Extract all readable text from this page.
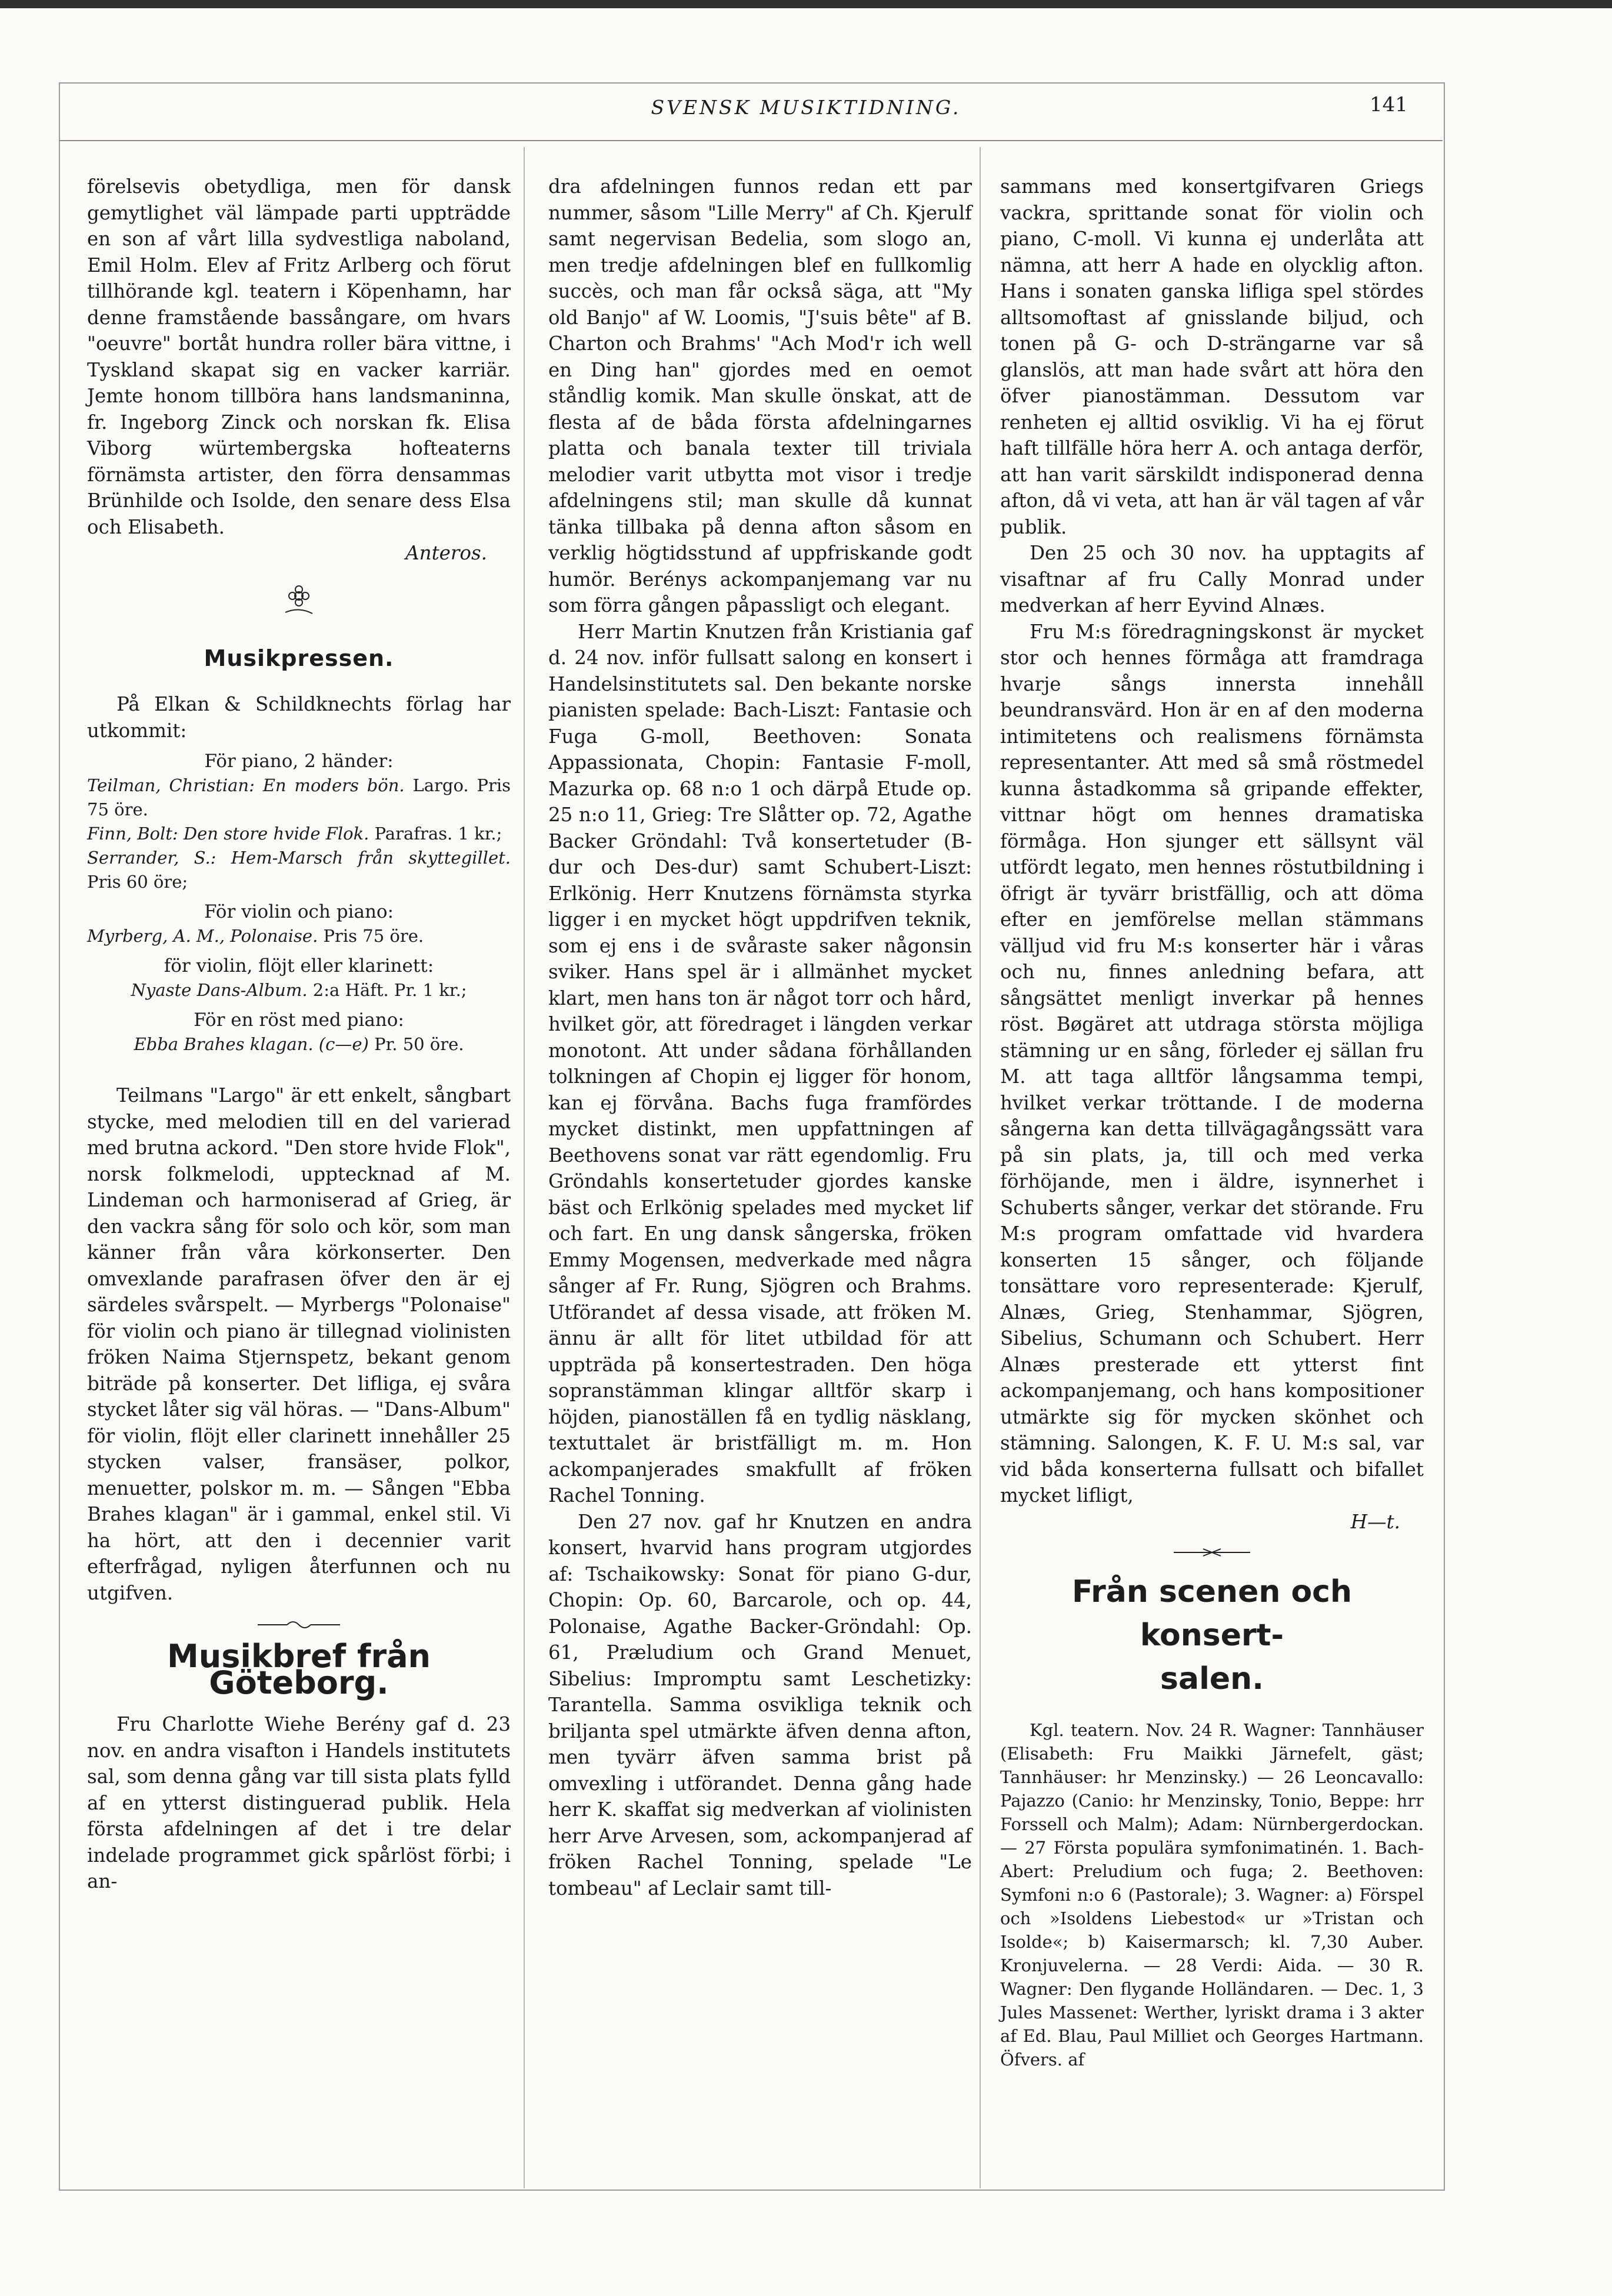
SVENSK MUSIKTIDNING.	141

förelsevis obetydliga, men för dansk gemytlighet väl lämpade parti uppträdde en son af vårt lilla sydvestliga naboland, Emil Holm. Elev af Fritz Arlberg och förut tillhörande kgl. teatern i Köpenhamn, har denne framstående bassångare, om hvars "oeuvre" bortåt hundra roller bära vittne, i Tyskland skapat sig en vacker karriär. Jemte honom tillböra hans landsmaninna, fr. Ingeborg Zinck och norskan fk. Elisa Viborg würtembergska hofteaterns förnämsta artister, den förra densammas Brünhilde och Isolde, den senare dess Elsa och Elisabeth.

Anteros.

Musikpressen.

På Elkan & Schildknechts förlag har utkommit:

För piano, 2 händer:

Teilman, Christian: En moders bön. Largo. Pris 75 öre.

Finn, Bolt: Den store hvide Flok. Parafras. 1 kr.;

Serrander, S.: Hem-Marsch från skyttegillet. Pris 60 öre;

För violin och piano:

Myrberg, A. M., Polonaise. Pris 75 öre.

för violin, flöjt eller klarinett:

Nyaste Dans-Album. 2:a Häft. Pr. 1 kr.;

För en röst med piano:

Ebba Brahes klagan. (c—e) Pr. 50 öre.

Teilmans "Largo" är ett enkelt, sångbart stycke, med melodien till en del varierad med brutna ackord. "Den store hvide Flok", norsk folkmelodi, upptecknad af M. Lindeman och harmoniserad af Grieg, är den vackra sång för solo och kör, som man känner från våra körkonserter. Den omvexlande parafrasen öfver den är ej särdeles svårspelt. — Myrbergs "Polonaise" för violin och piano är tillegnad violinisten fröken Naima Stjernspetz, bekant genom biträde på konserter. Det lifliga, ej svåra stycket låter sig väl höras. — "Dans-Album" för violin, flöjt eller clarinett innehåller 25 stycken valser, fransäser, polkor, menuetter, polskor m. m. — Sången "Ebba Brahes klagan" är i gammal, enkel stil. Vi ha hört, att den i decennier varit efterfrågad, nyligen återfunnen och nu utgifven.

Musikbref från Göteborg.

Fru Charlotte Wiehe Berény gaf d. 23 nov. en andra visafton i Handels institutets sal, som denna gång var till sista plats fylld af en ytterst distinguerad publik. Hela första afdelningen af det i tre delar indelade programmet gick spårlöst förbi; i an-

dra afdelningen funnos redan ett par nummer, såsom "Lille Merry" af Ch. Kjerulf samt negervisan Bedelia, som slogo an, men tredje afdelningen blef en fullkomlig succès, och man får också säga, att "My old Banjo" af W. Loomis, "J'suis bête" af B. Charton och Brahms' "Ach Mod'r ich well en Ding han" gjordes med en oemot ståndlig komik. Man skulle önskat, att de flesta af de båda första afdelningarnes platta och banala texter till triviala melodier varit utbytta mot visor i tredje afdelningens stil; man skulle då kunnat tänka tillbaka på denna afton såsom en verklig högtidsstund af uppfriskande godt humör. Berénys ackompanjemang var nu som förra gången påpassligt och elegant.

Herr Martin Knutzen från Kristiania gaf d. 24 nov. inför fullsatt salong en konsert i Handelsinstitutets sal. Den bekante norske pianisten spelade: Bach-Liszt: Fantasie och Fuga G-moll, Beethoven: Sonata Appassionata, Chopin: Fantasie F-moll, Mazurka op. 68 n:o 1 och därpå Etude op. 25 n:o 11, Grieg: Tre Slåtter op. 72, Agathe Backer Gröndahl: Två konsertetuder (B-dur och Des-dur) samt Schubert-Liszt: Erlkönig. Herr Knutzens förnämsta styrka ligger i en mycket högt uppdrifven teknik, som ej ens i de svåraste saker någonsin sviker. Hans spel är i allmänhet mycket klart, men hans ton är något torr och hård, hvilket gör, att föredraget i längden verkar monotont. Att under sådana förhållanden tolkningen af Chopin ej ligger för honom, kan ej förvåna. Bachs fuga framfördes mycket distinkt, men uppfattningen af Beethovens sonat var rätt egendomlig. Fru Gröndahls konsertetuder gjordes kanske bäst och Erlkönig spelades med mycket lif och fart. En ung dansk sångerska, fröken Emmy Mogensen, medverkade med några sånger af Fr. Rung, Sjögren och Brahms. Utförandet af dessa visade, att fröken M. ännu är allt för litet utbildad för att uppträda på konsertestraden. Den höga sopranstämman klingar alltför skarp i höjden, pianoställen få en tydlig näsklang, textuttalet är bristfälligt m. m. Hon ackompanjerades smakfullt af fröken Rachel Tonning.

Den 27 nov. gaf hr Knutzen en andra konsert, hvarvid hans program utgjordes af: Tschaikowsky: Sonat för piano G-dur, Chopin: Op. 60, Barcarole, och op. 44, Polonaise, Agathe Backer-Gröndahl: Op. 61, Præludium och Grand Menuet, Sibelius: Impromptu samt Leschetizky: Tarantella. Samma osvikliga teknik och briljanta spel utmärkte äfven denna afton, men tyvärr äfven samma brist på omvexling i utförandet. Denna gång hade herr K. skaffat sig medverkan af violinisten herr Arve Arvesen, som, ackompanjerad af fröken Rachel Tonning, spelade "Le tombeau" af Leclair samt till-

sammans med konsertgifvaren Griegs vackra, sprittande sonat för violin och piano, C-moll. Vi kunna ej underlåta att nämna, att herr A hade en olycklig afton. Hans i sonaten ganska lifliga spel stördes alltsomoftast af gnisslande biljud, och tonen på G- och D-strängarne var så glanslös, att man hade svårt att höra den öfver pianostämman. Dessutom var renheten ej alltid osviklig. Vi ha ej förut haft tillfälle höra herr A. och antaga derför, att han varit särskildt indisponerad denna afton, då vi veta, att han är väl tagen af vår publik.

Den 25 och 30 nov. ha upptagits af visaftnar af fru Cally Monrad under medverkan af herr Eyvind Alnæs.

Fru M:s föredragningskonst är mycket stor och hennes förmåga att framdraga hvarje sångs innersta innehåll beundransvärd. Hon är en af den moderna intimitetens och realismens förnämsta representanter. Att med så små röstmedel kunna åstadkomma så gripande effekter, vittnar högt om hennes dramatiska förmåga. Hon sjunger ett sällsynt väl utfördt legato, men hennes röstutbildning i öfrigt är tyvärr bristfällig, och att döma efter en jemförelse mellan stämmans välljud vid fru M:s konserter här i våras och nu, finnes anledning befara, att sångsättet menligt inverkar på hennes röst. Bøgäret att utdraga största möjliga stämning ur en sång, förleder ej sällan fru M. att taga alltför långsamma tempi, hvilket verkar tröttande. I de moderna sångerna kan detta tillvägagångssätt vara på sin plats, ja, till och med verka förhöjande, men i äldre, isynnerhet i Schuberts sånger, verkar det störande. Fru M:s program omfattade vid hvardera konserten 15 sånger, och följande tonsättare voro representerade: Kjerulf, Alnæs, Grieg, Stenhammar, Sjögren, Sibelius, Schumann och Schubert. Herr Alnæs presterade ett ytterst fint ackompanjemang, och hans kompositioner utmärkte sig för mycken skönhet och stämning. Salongen, K. F. U. M:s sal, var vid båda konserterna fullsatt och bifallet mycket lifligt,

H—t.

Från scenen och konsert-
salen.

Kgl. teatern. Nov. 24 R. Wagner: Tannhäuser (Elisabeth: Fru Maikki Järnefelt, gäst; Tannhäuser: hr Menzinsky.) — 26 Leoncavallo: Pajazzo (Canio: hr Menzinsky, Tonio, Beppe: hrr Forssell och Malm); Adam: Nürnbergerdockan. — 27 Första populära symfonimatinén. 1. Bach-Abert: Preludium och fuga; 2. Beethoven: Symfoni n:o 6 (Pastorale); 3. Wagner: a) Förspel och »Isoldens Liebestod« ur »Tristan och Isolde«; b) Kaisermarsch; kl. 7,30 Auber. Kronjuvelerna. — 28 Verdi: Aida. — 30 R. Wagner: Den flygande Holländaren. — Dec. 1, 3 Jules Massenet: Werther, lyriskt drama i 3 akter af Ed. Blau, Paul Milliet och Georges Hartmann. Öfvers. af
